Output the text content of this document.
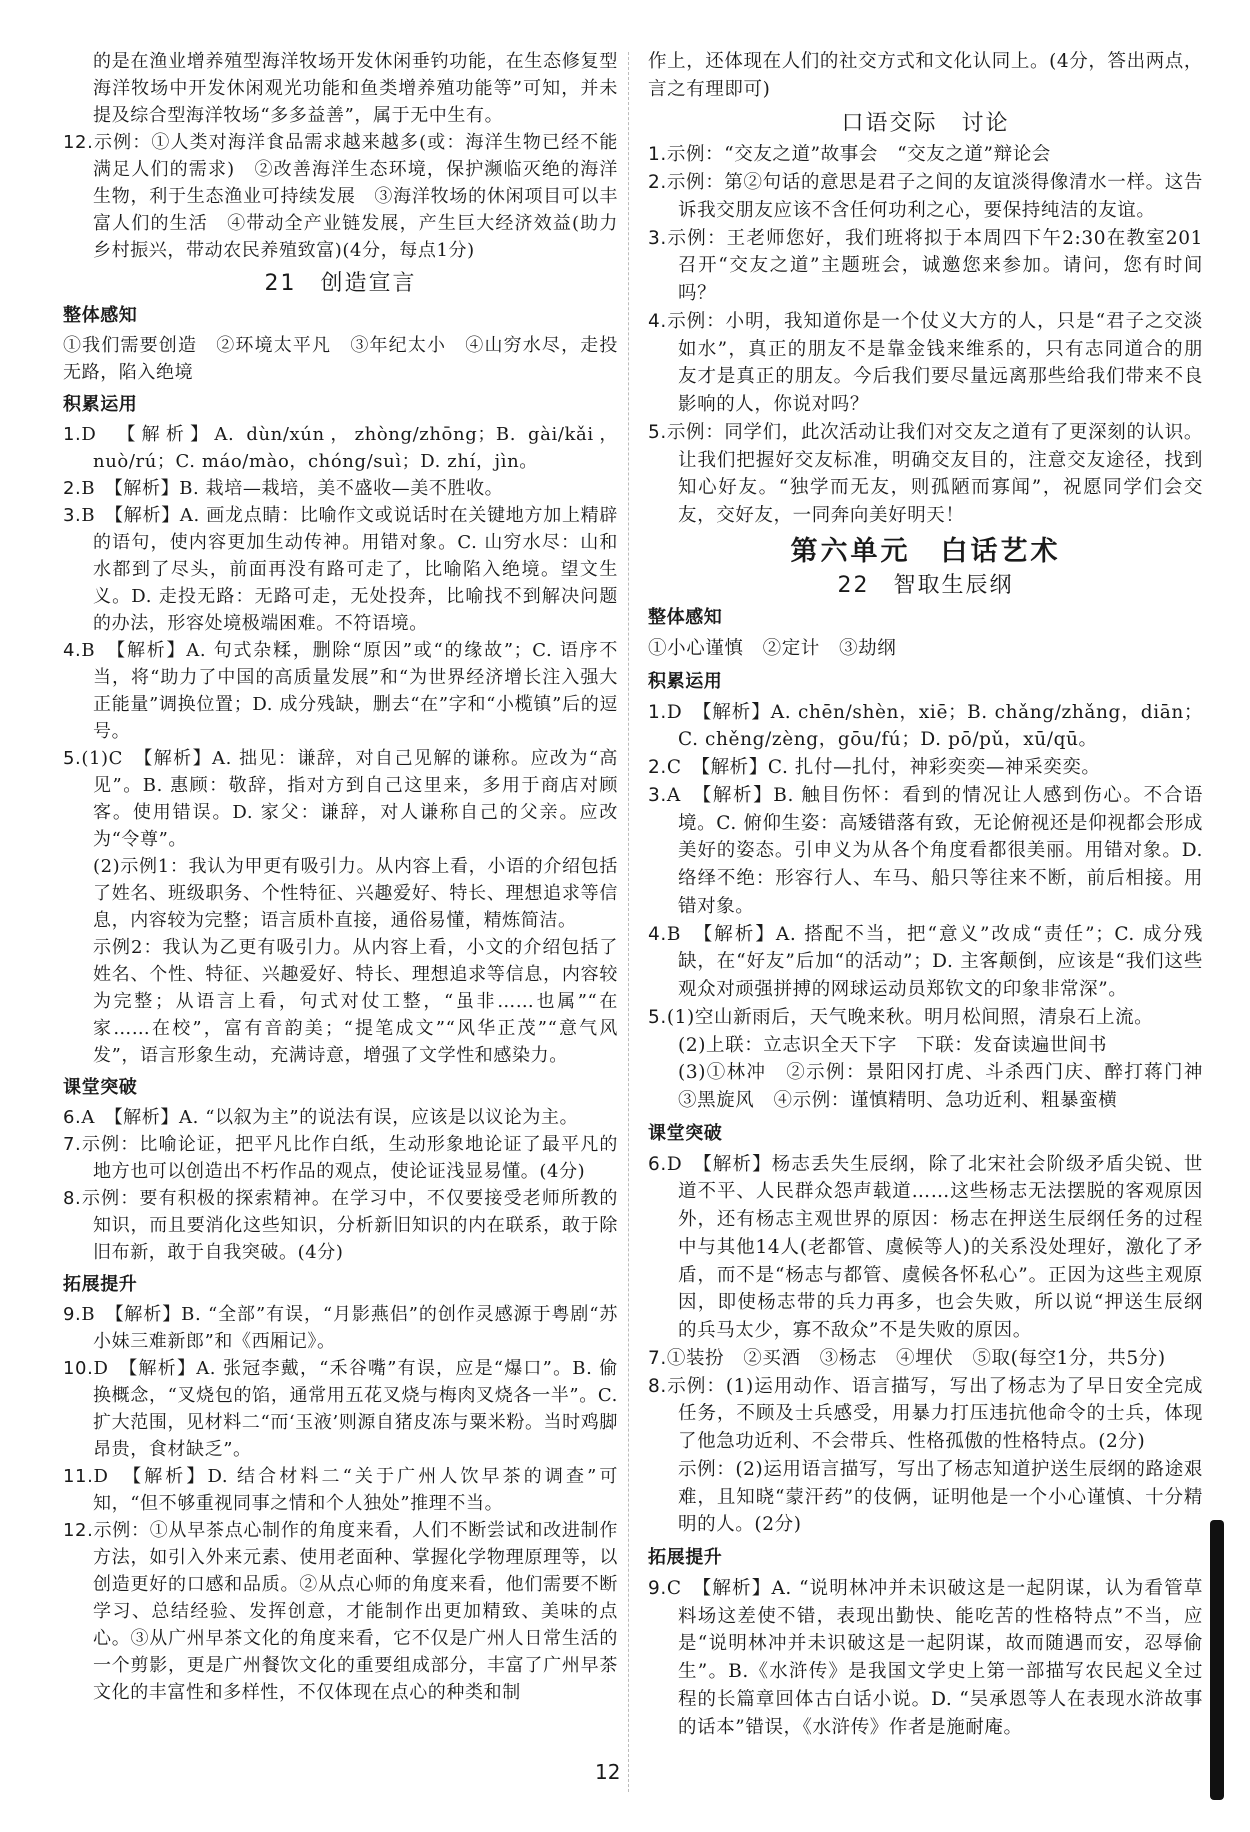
的是在渔业增养殖型海洋牧场开发休闲垂钓功能，在生态修复型海洋牧场中开发休闲观光功能和鱼类增养殖功能等”可知，并未提及综合型海洋牧场“多多益善”，属于无中生有。
12.示例：①人类对海洋食品需求越来越多(或：海洋生物已经不能满足人们的需求)　②改善海洋生态环境，保护濒临灭绝的海洋生物，利于生态渔业可持续发展　③海洋牧场的休闲项目可以丰富人们的生活　④带动全产业链发展，产生巨大经济效益(助力乡村振兴，带动农民养殖致富)(4分，每点1分)
21　创造宣言
整体感知
①我们需要创造　②环境太平凡　③年纪太小　④山穷水尽，走投无路，陷入绝境
积累运用
1.D　【解析】A. dùn/xún，zhòng/zhōng；B. gài/kǎi，nuò/rú；C. máo/mào，chóng/suì；D. zhí，jìn。
2.B　【解析】B. 栽培—栽培，美不盛收—美不胜收。
3.B　【解析】A. 画龙点睛：比喻作文或说话时在关键地方加上精辟的语句，使内容更加生动传神。用错对象。C. 山穷水尽：山和水都到了尽头，前面再没有路可走了，比喻陷入绝境。望文生义。D. 走投无路：无路可走，无处投奔，比喻找不到解决问题的办法，形容处境极端困难。不符语境。
4.B　【解析】A. 句式杂糅，删除“原因”或“的缘故”；C. 语序不当，将“助力了中国的高质量发展”和“为世界经济增长注入强大正能量”调换位置；D. 成分残缺，删去“在”字和“小榄镇”后的逗号。
5.(1)C　【解析】A. 拙见：谦辞，对自己见解的谦称。应改为“高见”。B. 惠顾：敬辞，指对方到自己这里来，多用于商店对顾客。使用错误。D. 家父：谦辞，对人谦称自己的父亲。应改为“令尊”。
(2)示例1：我认为甲更有吸引力。从内容上看，小语的介绍包括了姓名、班级职务、个性特征、兴趣爱好、特长、理想追求等信息，内容较为完整；语言质朴直接，通俗易懂，精炼简洁。
示例2：我认为乙更有吸引力。从内容上看，小文的介绍包括了姓名、个性、特征、兴趣爱好、特长、理想追求等信息，内容较为完整；从语言上看，句式对仗工整，“虽非……也属”“在家……在校”，富有音韵美；“提笔成文”“风华正茂”“意气风发”，语言形象生动，充满诗意，增强了文学性和感染力。
课堂突破
6.A　【解析】A. “以叙为主”的说法有误，应该是以议论为主。
7.示例：比喻论证，把平凡比作白纸，生动形象地论证了最平凡的地方也可以创造出不朽作品的观点，使论证浅显易懂。(4分)
8.示例：要有积极的探索精神。在学习中，不仅要接受老师所教的知识，而且要消化这些知识，分析新旧知识的内在联系，敢于除旧布新，敢于自我突破。(4分)
拓展提升
9.B　【解析】B. “全部”有误，“月影燕侣”的创作灵感源于粤剧“苏小妹三难新郎”和《西厢记》。
10.D　【解析】A. 张冠李戴，“禾谷嘴”有误，应是“爆口”。B. 偷换概念，“叉烧包的馅，通常用五花叉烧与梅肉叉烧各一半”。C. 扩大范围，见材料二“而‘玉液’则源自猪皮冻与粟米粉。当时鸡脚昂贵，食材缺乏”。
11.D　【解析】D. 结合材料二“关于广州人饮早茶的调查”可知，“但不够重视同事之情和个人独处”推理不当。
12.示例：①从早茶点心制作的角度来看，人们不断尝试和改进制作方法，如引入外来元素、使用老面种、掌握化学物理原理等，以创造更好的口感和品质。②从点心师的角度来看，他们需要不断学习、总结经验、发挥创意，才能制作出更加精致、美味的点心。③从广州早茶文化的角度来看，它不仅是广州人日常生活的一个剪影，更是广州餐饮文化的重要组成部分，丰富了广州早茶文化的丰富性和多样性，不仅体现在点心的种类和制
作上，还体现在人们的社交方式和文化认同上。(4分，答出两点，言之有理即可)
口语交际　讨论
1.示例：“交友之道”故事会　“交友之道”辩论会
2.示例：第②句话的意思是君子之间的友谊淡得像清水一样。这告诉我交朋友应该不含任何功利之心，要保持纯洁的友谊。
3.示例：王老师您好，我们班将拟于本周四下午2:30在教室201召开“交友之道”主题班会，诚邀您来参加。请问，您有时间吗？
4.示例：小明，我知道你是一个仗义大方的人，只是“君子之交淡如水”，真正的朋友不是靠金钱来维系的，只有志同道合的朋友才是真正的朋友。今后我们要尽量远离那些给我们带来不良影响的人，你说对吗？
5.示例：同学们，此次活动让我们对交友之道有了更深刻的认识。让我们把握好交友标准，明确交友目的，注意交友途径，找到知心好友。“独学而无友，则孤陋而寡闻”，祝愿同学们会交友，交好友，一同奔向美好明天！
第六单元　白话艺术
22　智取生辰纲
整体感知
①小心谨慎　②定计　③劫纲
积累运用
1.D　【解析】A. chēn/shèn，xiē；B. chǎng/zhǎng，diān；C. chěng/zèng，gōu/fú；D. pō/pǔ，xū/qū。
2.C　【解析】C. 扎付—扎付，神彩奕奕—神采奕奕。
3.A　【解析】B. 触目伤怀：看到的情况让人感到伤心。不合语境。C. 俯仰生姿：高矮错落有致，无论俯视还是仰视都会形成美好的姿态。引申义为从各个角度看都很美丽。用错对象。D. 络绎不绝：形容行人、车马、船只等往来不断，前后相接。用错对象。
4.B　【解析】A. 搭配不当，把“意义”改成“责任”；C. 成分残缺，在“好友”后加“的活动”；D. 主客颠倒，应该是“我们这些观众对顽强拼搏的网球运动员郑钦文的印象非常深”。
5.(1)空山新雨后，天气晚来秋。明月松间照，清泉石上流。
(2)上联：立志识全天下字　下联：发奋读遍世间书
(3)①林冲　②示例：景阳冈打虎、斗杀西门庆、醉打蒋门神　③黑旋风　④示例：谨慎精明、急功近利、粗暴蛮横
课堂突破
6.D　【解析】杨志丢失生辰纲，除了北宋社会阶级矛盾尖锐、世道不平、人民群众怨声载道……这些杨志无法摆脱的客观原因外，还有杨志主观世界的原因：杨志在押送生辰纲任务的过程中与其他14人(老都管、虞候等人)的关系没处理好，激化了矛盾，而不是“杨志与都管、虞候各怀私心”。正因为这些主观原因，即使杨志带的兵力再多，也会失败，所以说“押送生辰纲的兵马太少，寡不敌众”不是失败的原因。
7.①装扮　②买酒　③杨志　④埋伏　⑤取(每空1分，共5分)
8.示例：(1)运用动作、语言描写，写出了杨志为了早日安全完成任务，不顾及士兵感受，用暴力打压违抗他命令的士兵，体现了他急功近利、不会带兵、性格孤傲的性格特点。(2分)
示例：(2)运用语言描写，写出了杨志知道护送生辰纲的路途艰难，且知晓“蒙汗药”的伎俩，证明他是一个小心谨慎、十分精明的人。(2分)
拓展提升
9.C　【解析】A. “说明林冲并未识破这是一起阴谋，认为看管草料场这差使不错，表现出勤快、能吃苦的性格特点”不当，应是“说明林冲并未识破这是一起阴谋，故而随遇而安，忍辱偷生”。B.《水浒传》是我国文学史上第一部描写农民起义全过程的长篇章回体古白话小说。D. “吴承恩等人在表现水浒故事的话本”错误，《水浒传》作者是施耐庵。
12
